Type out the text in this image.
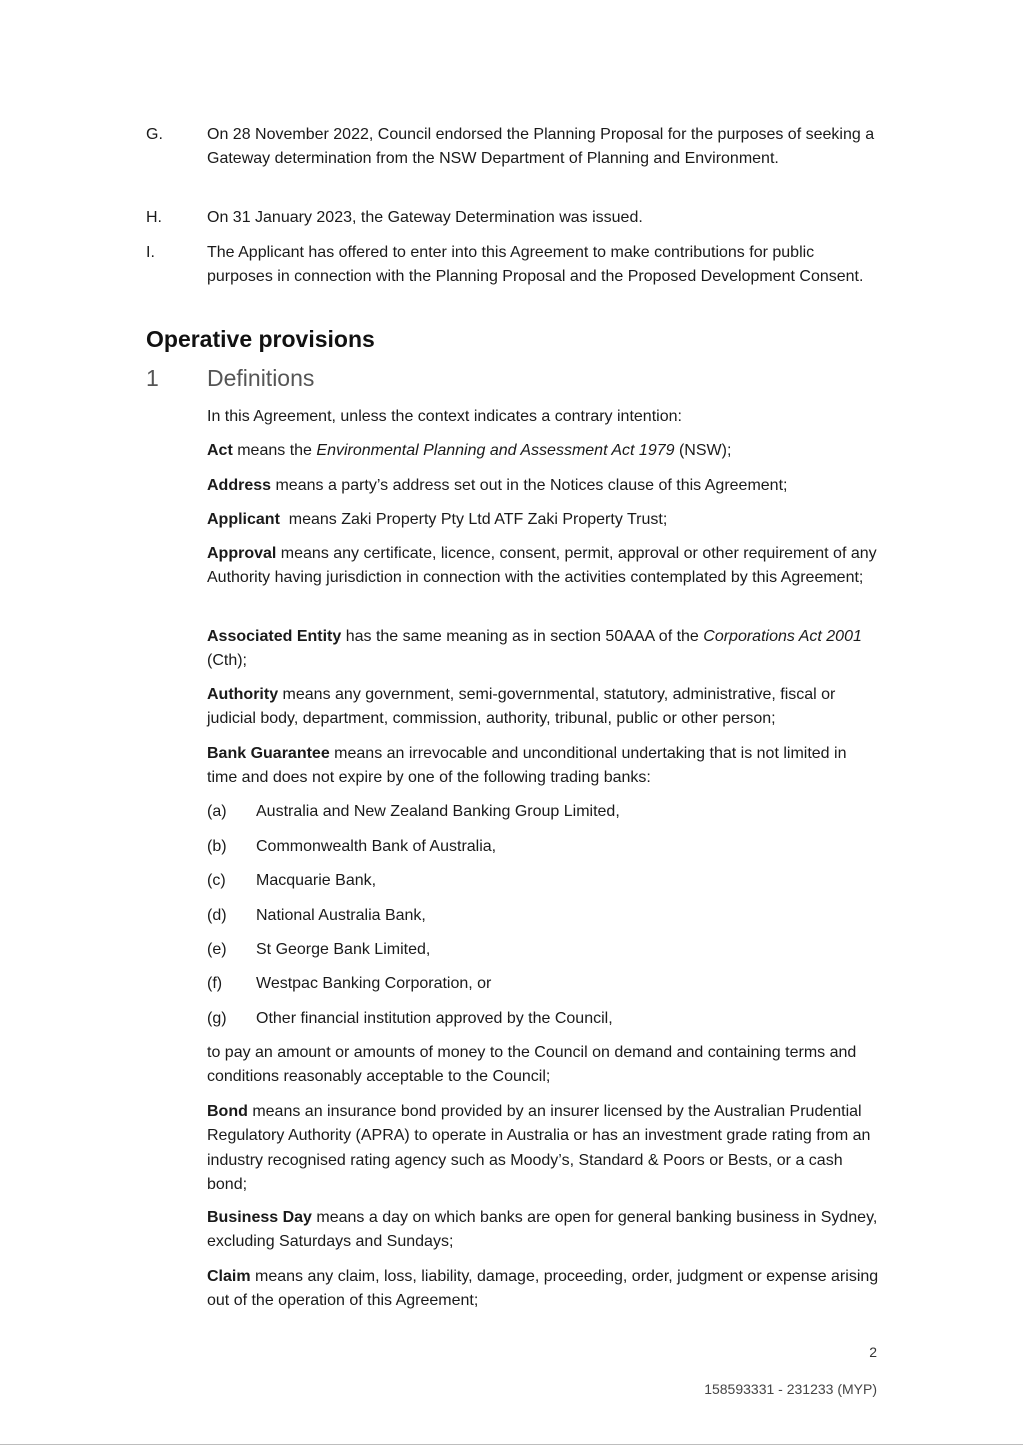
G.	On 28 November 2022, Council endorsed the Planning Proposal for the purposes of seeking a Gateway determination from the NSW Department of Planning and Environment.
H.	On 31 January 2023, the Gateway Determination was issued.
I.	The Applicant has offered to enter into this Agreement to make contributions for public purposes in connection with the Planning Proposal and the Proposed Development Consent.
Operative provisions
1 Definitions
In this Agreement, unless the context indicates a contrary intention:
Act means the Environmental Planning and Assessment Act 1979 (NSW);
Address means a party’s address set out in the Notices clause of this Agreement;
Applicant  means Zaki Property Pty Ltd ATF Zaki Property Trust;
Approval means any certificate, licence, consent, permit, approval or other requirement of any Authority having jurisdiction in connection with the activities contemplated by this Agreement;
Associated Entity has the same meaning as in section 50AAA of the Corporations Act 2001 (Cth);
Authority means any government, semi-governmental, statutory, administrative, fiscal or judicial body, department, commission, authority, tribunal, public or other person;
Bank Guarantee means an irrevocable and unconditional undertaking that is not limited in time and does not expire by one of the following trading banks:
(a) Australia and New Zealand Banking Group Limited,
(b) Commonwealth Bank of Australia,
(c) Macquarie Bank,
(d) National Australia Bank,
(e) St George Bank Limited,
(f) Westpac Banking Corporation, or
(g) Other financial institution approved by the Council,
to pay an amount or amounts of money to the Council on demand and containing terms and conditions reasonably acceptable to the Council;
Bond means an insurance bond provided by an insurer licensed by the Australian Prudential Regulatory Authority (APRA) to operate in Australia or has an investment grade rating from an industry recognised rating agency such as Moody’s, Standard & Poors or Bests, or a cash bond;
Business Day means a day on which banks are open for general banking business in Sydney, excluding Saturdays and Sundays;
Claim means any claim, loss, liability, damage, proceeding, order, judgment or expense arising out of the operation of this Agreement;
2
158593331 - 231233 (MYP)
